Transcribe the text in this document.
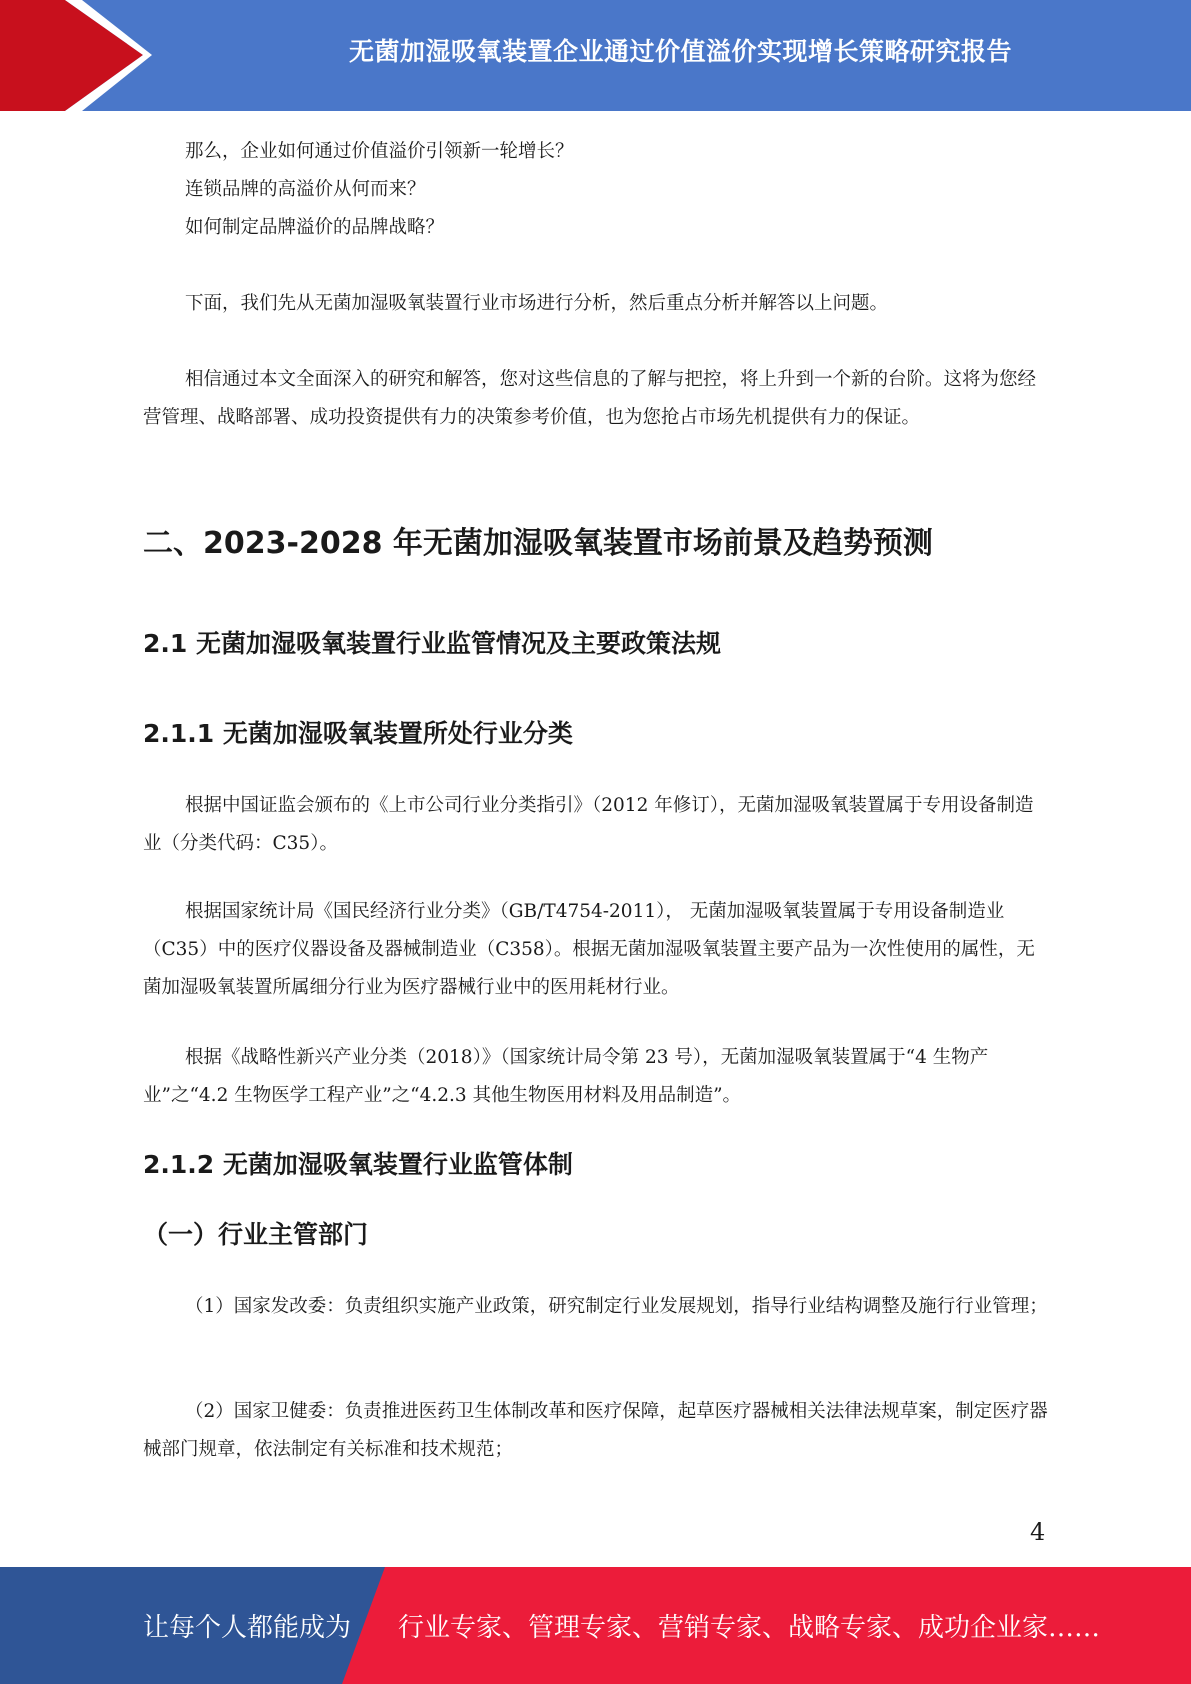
无菌加湿吸氧装置企业通过价值溢价实现增长策略研究报告

那么，企业如何通过价值溢价引领新一轮增长？

连锁品牌的高溢价从何而来？

如何制定品牌溢价的品牌战略？

下面，我们先从无菌加湿吸氧装置行业市场进行分析，然后重点分析并解答以上问题。

相信通过本文全面深入的研究和解答，您对这些信息的了解与把控，将上升到一个新的台阶。这将为您经营管理、战略部署、成功投资提供有力的决策参考价值，也为您抢占市场先机提供有力的保证。

二、2023-2028 年无菌加湿吸氧装置市场前景及趋势预测
2.1 无菌加湿吸氧装置行业监管情况及主要政策法规
2.1.1 无菌加湿吸氧装置所处行业分类

根据中国证监会颁布的《上市公司行业分类指引》（2012 年修订），无菌加湿吸氧装置属于专用设备制造业（分类代码：C35）。

根据国家统计局《国民经济行业分类》（GB/T4754-2011）， 无菌加湿吸氧装置属于专用设备制造业（C35）中的医疗仪器设备及器械制造业（C358）。根据无菌加湿吸氧装置主要产品为一次性使用的属性，无菌加湿吸氧装置所属细分行业为医疗器械行业中的医用耗材行业。

根据《战略性新兴产业分类（2018）》（国家统计局令第 23 号），无菌加湿吸氧装置属于“4 生物产业”之“4.2 生物医学工程产业”之“4.2.3 其他生物医用材料及用品制造”。

2.1.2 无菌加湿吸氧装置行业监管体制
（一）行业主管部门

（1）国家发改委：负责组织实施产业政策，研究制定行业发展规划，指导行业结构调整及施行行业管理；

（2）国家卫健委：负责推进医药卫生体制改革和医疗保障，起草医疗器械相关法律法规草案，制定医疗器械部门规章，依法制定有关标准和技术规范；

4
让每个人都能成为 行业专家、管理专家、营销专家、战略专家、成功企业家……
